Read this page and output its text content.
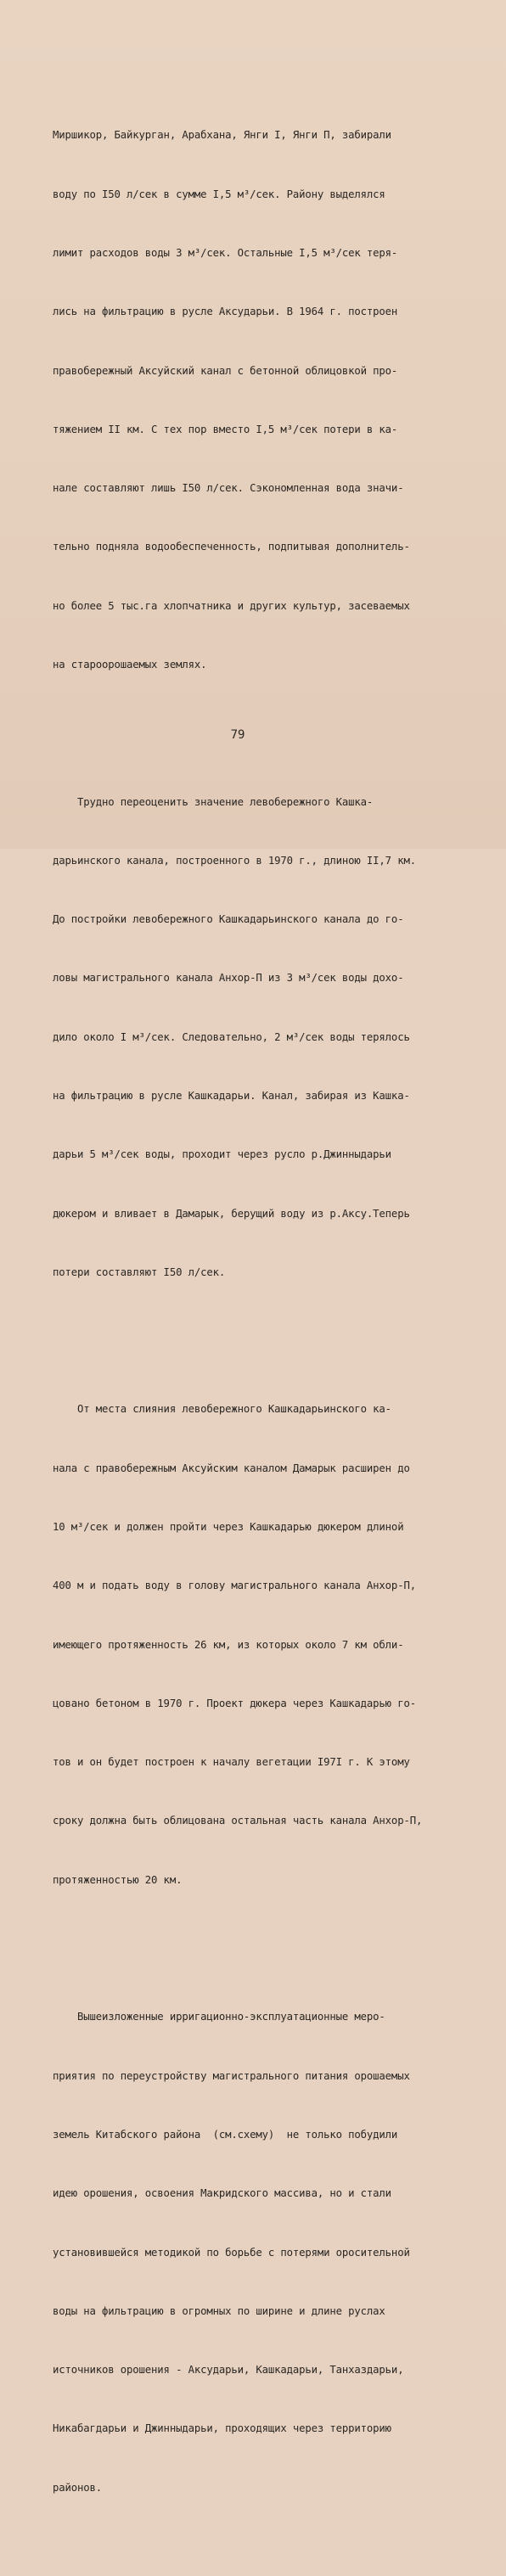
Миршикор, Байкурган, Арабхана, Янги I, Янги П, забирали

воду по I50 л/сек в сумме I,5 м³/сек. Району выделялся

лимит расходов воды 3 м³/сек. Остальные I,5 м³/сек теря-

лись на фильтрацию в русле Аксударьи. В 1964 г. построен

правобережный Аксуйский канал с бетонной облицовкой про-

тяжением II км. С тех пор вместо I,5 м³/сек потери в ка-

нале составляют лишь I50 л/сек. Сэкономленная вода значи-

тельно подняла водообеспеченность, подпитывая дополнитель-

но более 5 тыс.га хлопчатника и других культур, засеваемых

на староорошаемых землях.

Трудно переоценить значение левобережного Кашка-

дарьинского канала, построенного в 1970 г., длиною II,7 км.

До постройки левобережного Кашкадарьинского канала до го-

ловы магистрального канала Анхор-П из 3 м³/сек воды дохо-

дило около I м³/сек. Следовательно, 2 м³/сек воды терялось

на фильтрацию в русле Кашкадарьи. Канал, забирая из Кашка-

дарьи 5 м³/сек воды, проходит через русло р.Джинныдарьи

дюкером и вливает в Дамарык, берущий воду из р.Аксу.Теперь

потери составляют I50 л/сек.

От места слияния левобережного Кашкадарьинского ка-

нала с правобережным Аксуйским каналом Дамарык расширен до

10 м³/сек и должен пройти через Кашкадарью дюкером длиной

400 м и подать воду в голову магистрального канала Анхор-П,

имеющего протяженность 26 км, из которых около 7 км обли-

цовано бетоном в 1970 г. Проект дюкера через Кашкадарью го-

тов и он будет построен к началу вегетации I97I г. К этому

сроку должна быть облицована остальная часть канала Анхор-П,

протяженностью 20 км.

Вышеизложенные ирригационно-эксплуатационные меро-

приятия по переустройству магистрального питания орошаемых

земель Китабского района  (см.схему)  не только побудили

идею орошения, освоения Макридского массива, но и стали

установившейся методикой по борьбе с потерями оросительной

воды на фильтрацию в огромных по ширине и длине руслах

источников орошения - Аксударьи, Кашкадарьи, Танхаздарьи,

Никабагдарьи и Джинныдарьи, проходящих через территорию

районов.

79
